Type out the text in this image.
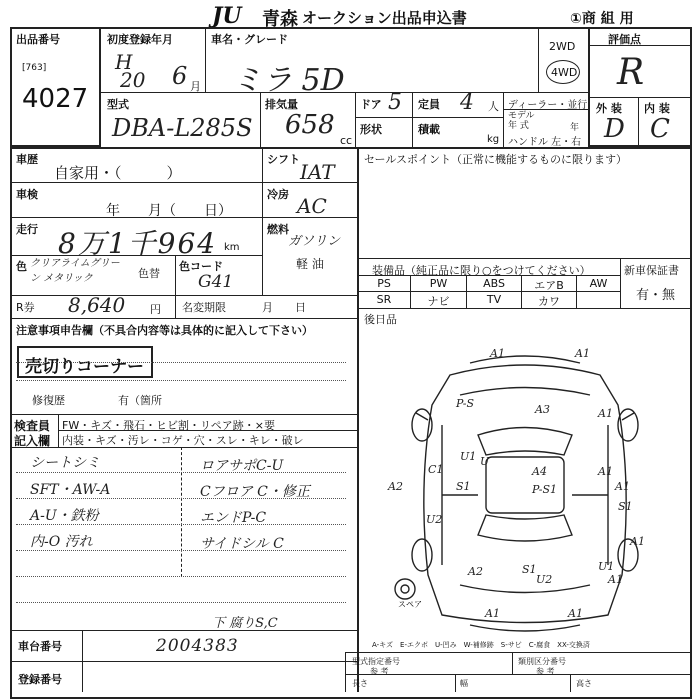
JU 青森 オークション出品申込書	①商 組 用
出品番号
[763]
4027
初度登録年月
H
20 6 月
車名・グレード
ミラ 5D
2WD
4WD
評価点
R
外 装 内 装
D C
型式
DBA-L285S
排気量
658
cc
ドア 5 定員 4 人 ディーラー・並行
モデル
年 式	年
ハンドル 左・右
形状	積載
kg
車歴
自家用・（　　　）
シフト
IAT
セールスポイント（正常に機能するものに限ります）
車検
年　　月（　　日）
冷房 AC
走行 8万1千964 km
燃料
ガソリン
軽 油
色 クリアライムグリーン メタリック	色替
色コード
G41
装備品（純正品に限り○をつけてください）	新車保証書
有・無
PS	PW	ABS	エアB	AW
SR	ナビ	TV	カワ
R券 8,640 円 名変期限	月　　日
後日品
注意事項申告欄（不具合内容等は具体的に記入して下さい）
売切りコーナー
修復歴	有（箇所
検査員
記入欄
FW・キズ・飛石・ヒビ割・リペア跡・×要
内装・キズ・汚レ・コゲ・穴・スレ・キレ・破レ
シートシミ
SFT・AW-A
A-U・鉄粉
内-O 汚れ
ロアサポC-U
Cフロア C・修正
エンドP-C
サイドシル C
下 腐りS,C
車台番号	2004383
登録番号
A1	A1
P-S	A3	A1
U
U1
A4
P-S1
A1
S1
C1
U2
A2
A2	S1
U2
U1
A1
A1	A1
A1
S1
A1
スペア
A-キズ　E-エクボ　U-凹み　W-補修跡　S-サビ　C-腐食　XX-交換済
型式指定番号
参 考
類別区分番号
参 考
長さ	幅	高さ
